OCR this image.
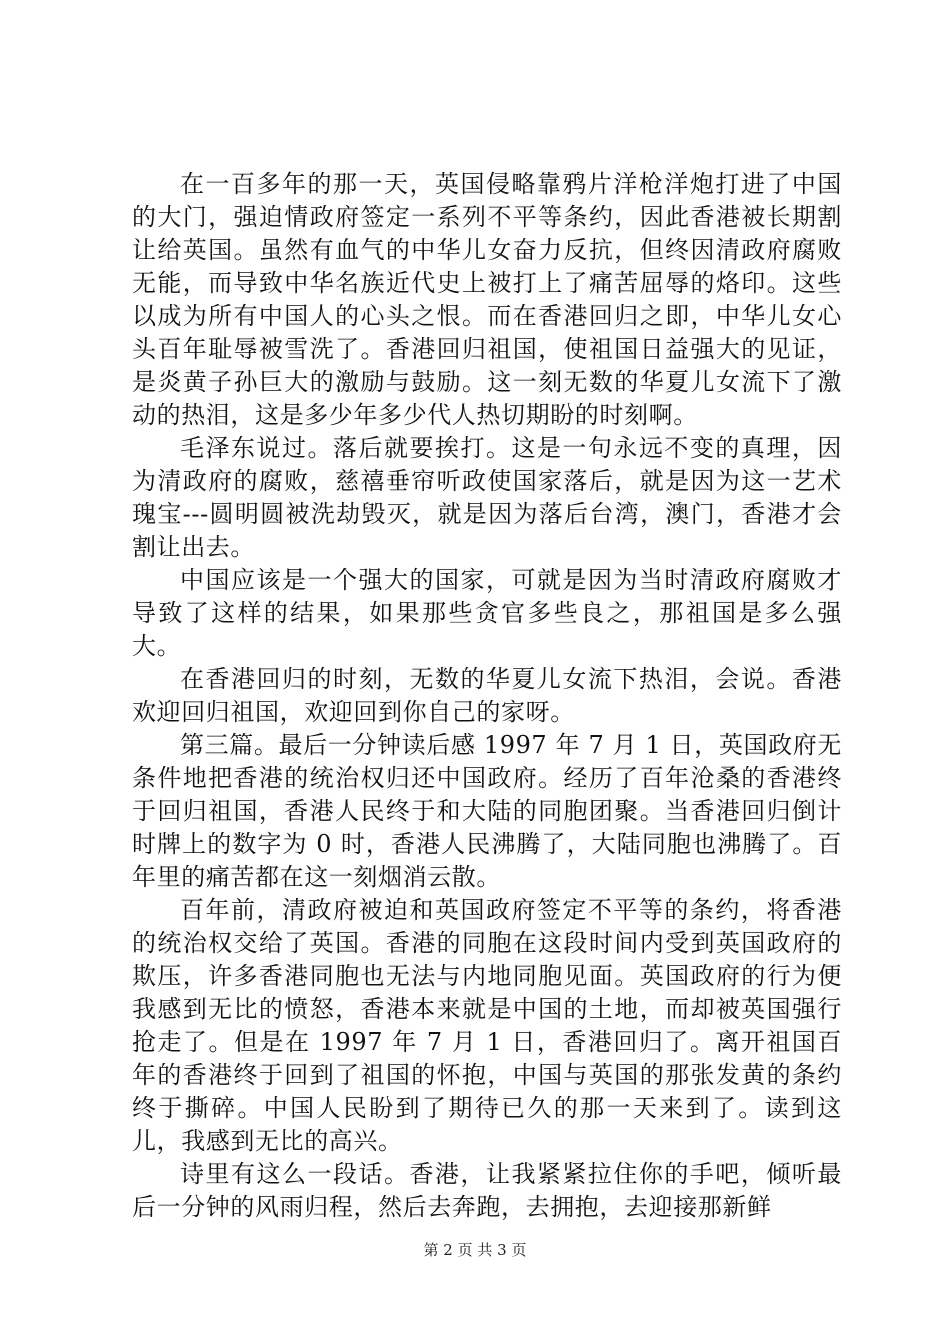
在一百多年的那一天，英国侵略靠鸦片洋枪洋炮打进了中国的大门，强迫情政府签定一系列不平等条约，因此香港被长期割让给英国。虽然有血气的中华儿女奋力反抗，但终因清政府腐败无能，而导致中华名族近代史上被打上了痛苦屈辱的烙印。这些以成为所有中国人的心头之恨。而在香港回归之即，中华儿女心头百年耻辱被雪洗了。香港回归祖国，使祖国日益强大的见证，是炎黄子孙巨大的激励与鼓励。这一刻无数的华夏儿女流下了激动的热泪，这是多少年多少代人热切期盼的时刻啊。

毛泽东说过。落后就要挨打。这是一句永远不变的真理，因为清政府的腐败，慈禧垂帘听政使国家落后，就是因为这一艺术瑰宝---圆明圆被洗劫毁灭，就是因为落后台湾，澳门，香港才会割让出去。

中国应该是一个强大的国家，可就是因为当时清政府腐败才导致了这样的结果，如果那些贪官多些良之，那祖国是多么强大。

在香港回归的时刻，无数的华夏儿女流下热泪，会说。香港欢迎回归祖国，欢迎回到你自己的家呀。

第三篇。最后一分钟读后感 1997 年 7 月 1 日，英国政府无条件地把香港的统治权归还中国政府。经历了百年沧桑的香港终于回归祖国，香港人民终于和大陆的同胞团聚。当香港回归倒计时牌上的数字为 0 时，香港人民沸腾了，大陆同胞也沸腾了。百年里的痛苦都在这一刻烟消云散。

百年前，清政府被迫和英国政府签定不平等的条约，将香港的统治权交给了英国。香港的同胞在这段时间内受到英国政府的欺压，许多香港同胞也无法与内地同胞见面。英国政府的行为便我感到无比的愤怒，香港本来就是中国的土地，而却被英国强行抢走了。但是在 1997 年 7 月 1 日，香港回归了。离开祖国百年的香港终于回到了祖国的怀抱，中国与英国的那张发黄的条约终于撕碎。中国人民盼到了期待已久的那一天来到了。读到这儿，我感到无比的高兴。

诗里有这么一段话。香港，让我紧紧拉住你的手吧，倾听最后一分钟的风雨归程，然后去奔跑，去拥抱，去迎接那新鲜

第 2 页 共 3 页
